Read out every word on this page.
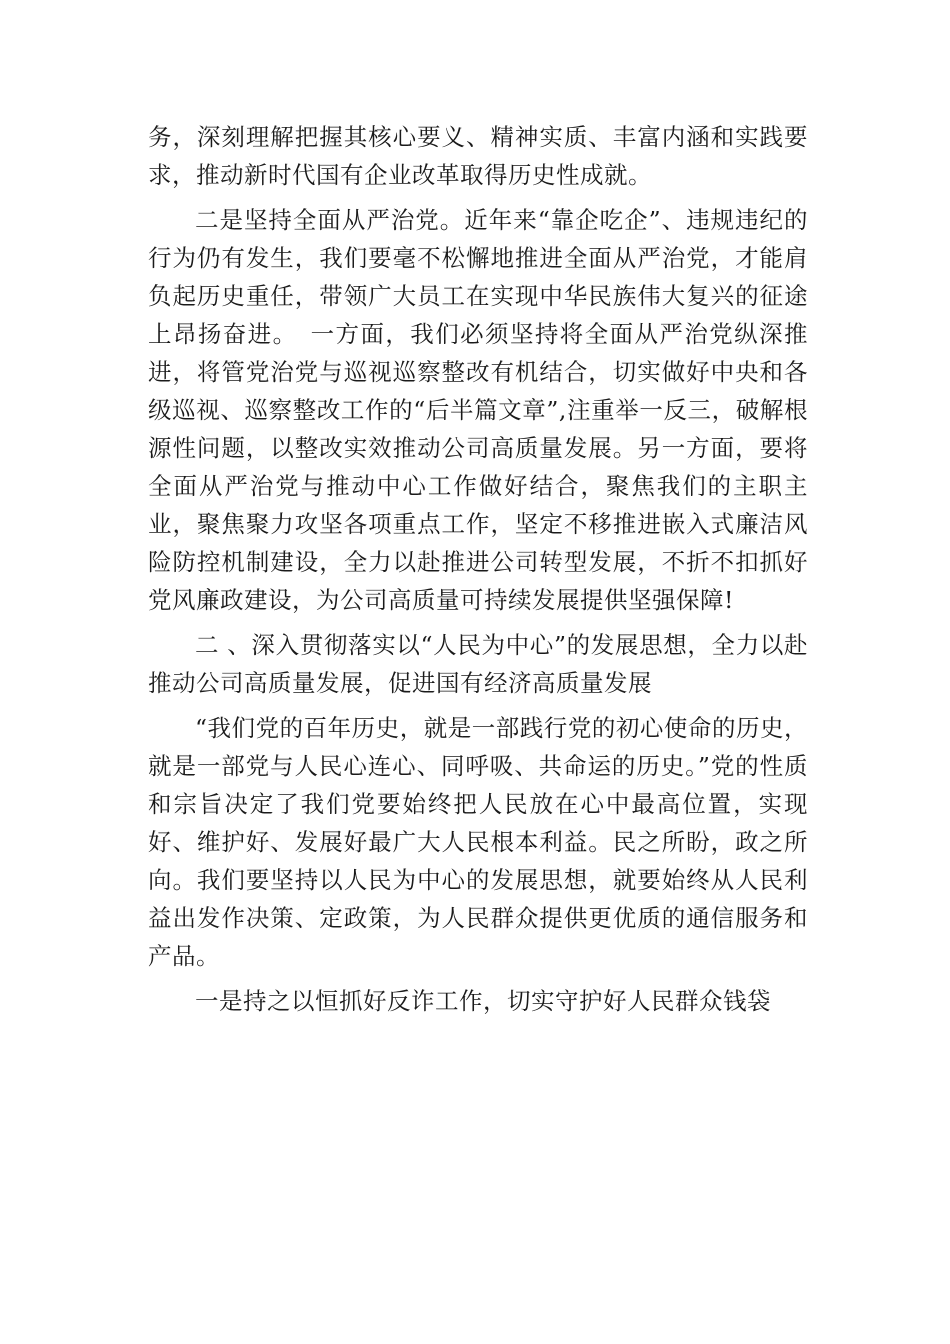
务，深刻理解把握其核心要义、精神实质、丰富内涵和实践要求，推动新时代国有企业改革取得历史性成就。

二是坚持全面从严治党。近年来“靠企吃企”、违规违纪的行为仍有发生，我们要毫不松懈地推进全面从严治党，才能肩负起历史重任，带领广大员工在实现中华民族伟大复兴的征途上昂扬奋进。　一方面，我们必须坚持将全面从严治党纵深推进，将管党治党与巡视巡察整改有机结合，切实做好中央和各级巡视、巡察整改工作的“后半篇文章”,注重举一反三，破解根源性问题，以整改实效推动公司高质量发展。另一方面，要将全面从严治党与推动中心工作做好结合，聚焦我们的主职主业，聚焦聚力攻坚各项重点工作，坚定不移推进嵌入式廉洁风险防控机制建设，全力以赴推进公司转型发展，不折不扣抓好党风廉政建设，为公司高质量可持续发展提供坚强保障!

二 、深入贯彻落实以“人民为中心”的发展思想，全力以赴推动公司高质量发展，促进国有经济高质量发展

“我们党的百年历史，就是一部践行党的初心使命的历史，就是一部党与人民心连心、同呼吸、共命运的历史。”党的性质和宗旨决定了我们党要始终把人民放在心中最高位置，实现好、维护好、发展好最广大人民根本利益。民之所盼，政之所向。我们要坚持以人民为中心的发展思想，就要始终从人民利益出发作决策、定政策，为人民群众提供更优质的通信服务和产品。

一是持之以恒抓好反诈工作，切实守护好人民群众钱袋
